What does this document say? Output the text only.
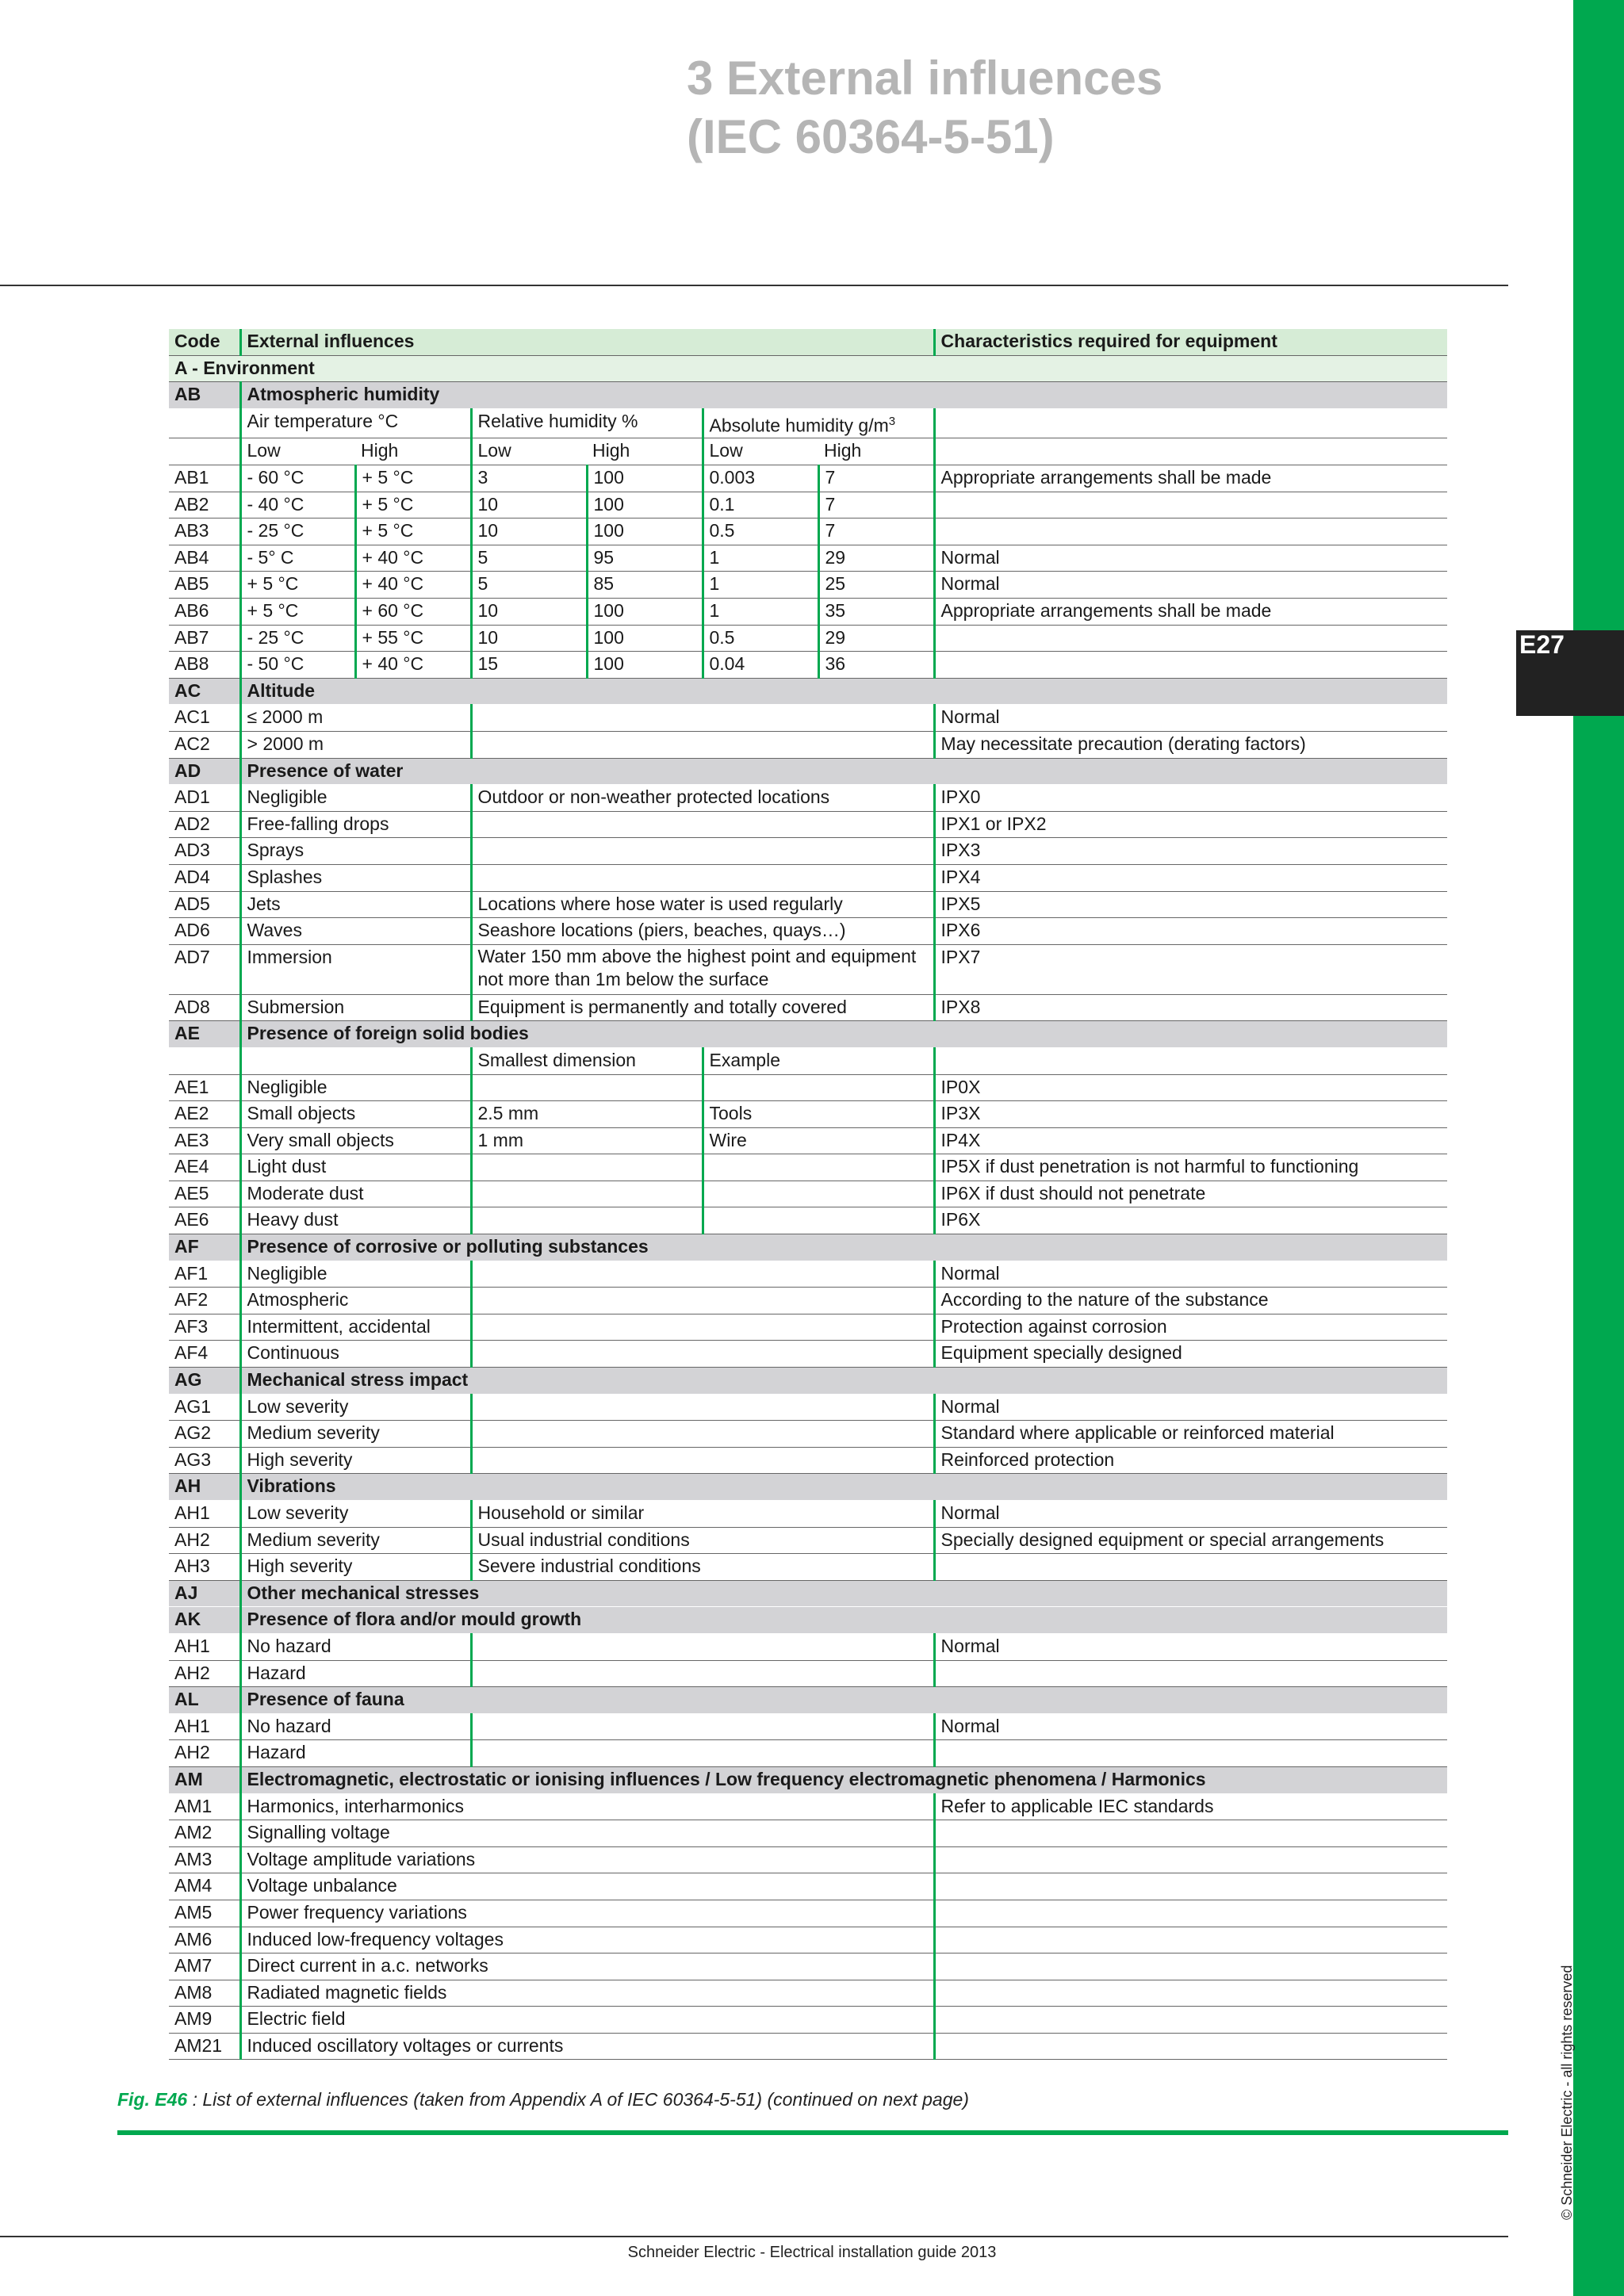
E27
© Schneider Electric - all rights reserved
3 External influences
(IEC 60364-5-51)
Code	External influences						Characteristics required for equipment
A - Environment							
AB	Atmospheric humidity						
	Air temperature °C		Relative humidity %		Absolute humidity $g/m^3$	
	Low	High	Low	High	Low	High	
AB1	- 60 °C	+ 5 °C	3	100	0.003	7	Appropriate arrangements shall be made
AB2	- 40 °C	+ 5 °C	10	100	0.1	7	
AB3	- 25 °C	+ 5 °C	10	100	0.5	7	
AB4	- 5° C	+ 40 °C	5	95	1	29	Normal
AB5	+ 5 °C	+ 40 °C	5	85	1	25	Normal
AB6	+ 5 °C	+ 60 °C	10	100	1	35	Appropriate arrangements shall be made
AB7	- 25 °C	+ 55 °C	10	100	0.5	29	
AB8	- 50 °C	+ 40 °C	15	100	0.04	36	
AC	Altitude						
AC1	≤ 2000 m						Normal
AC2	> 2000 m						May necessitate precaution (derating factors)
AD	Presence of water						
AD1	Negligible		Outdoor or non-weather protected locations				IPX0
AD2	Free-falling drops						IPX1 or IPX2
AD3	Sprays						IPX3
AD4	Splashes						IPX4
AD5	Jets		Locations where hose water is used regularly				IPX5
AD6	Waves		Seashore locations (piers, beaches, quays…)				IPX6
AD7	Immersion		Water 150 mm above the highest point and equipment not more than 1m below the surface				IPX7
AD8	Submersion		Equipment is permanently and totally covered				IPX8
AE	Presence of foreign solid bodies						
			Smallest dimension		Example		
AE1	Negligible						IP0X
AE2	Small objects		2.5 mm		Tools		IP3X
AE3	Very small objects		1 mm		Wire		IP4X
AE4	Light dust						IP5X if dust penetration is not harmful to functioning
AE5	Moderate dust						IP6X if dust should not penetrate
AE6	Heavy dust						IP6X
AF	Presence of corrosive or polluting substances						
AF1	Negligible						Normal
AF2	Atmospheric						According to the nature of the substance
AF3	Intermittent, accidental						Protection against corrosion
AF4	Continuous						Equipment specially designed
AG	Mechanical stress impact						
AG1	Low severity						Normal
AG2	Medium severity						Standard where applicable or reinforced material
AG3	High severity						Reinforced protection
AH	Vibrations						
AH1	Low severity		Household or similar				Normal
AH2	Medium severity		Usual industrial conditions				Specially designed equipment or special arrangements
AH3	High severity		Severe industrial conditions				
AJ	Other mechanical stresses						
AK	Presence of flora and/or mould growth						
AH1	No hazard						Normal
AH2	Hazard						
AL	Presence of fauna						
AH1	No hazard						Normal
AH2	Hazard						
AM	Electromagnetic, electrostatic or ionising influences / Low frequency electromagnetic phenomena / Harmonics						
AM1	Harmonics, interharmonics						Refer to applicable IEC standards
AM2	Signalling voltage						
AM3	Voltage amplitude variations						
AM4	Voltage unbalance						
AM5	Power frequency variations						
AM6	Induced low-frequency voltages						
AM7	Direct current in a.c. networks						
AM8	Radiated magnetic fields						
AM9	Electric field						
AM21	Induced oscillatory voltages or currents						
Fig. E46 : List of external influences (taken from Appendix A of IEC 60364-5-51) (continued on next page)
Schneider Electric - Electrical installation guide 2013
